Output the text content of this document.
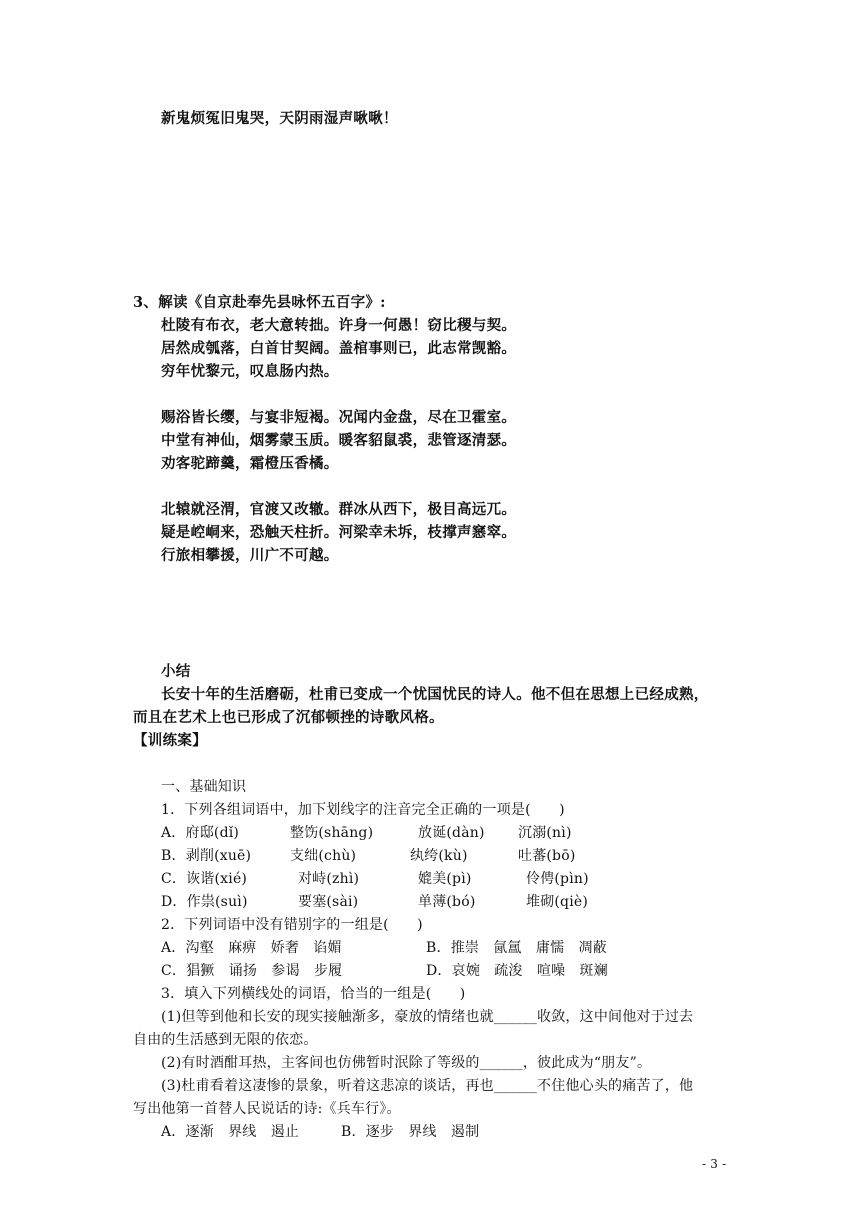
新鬼烦冤旧鬼哭，天阴雨湿声啾啾！
3、解读《自京赴奉先县咏怀五百字》:
杜陵有布衣，老大意转拙。许身一何愚！窃比稷与契。
居然成瓠落，白首甘契阔。盖棺事则已，此志常觊豁。
穷年忧黎元，叹息肠内热。
赐浴皆长缨，与宴非短褐。况闻内金盘，尽在卫霍室。
中堂有神仙，烟雾蒙玉质。暖客貂鼠裘，悲管逐清瑟。
劝客驼蹄羹，霜橙压香橘。
北辕就泾渭，官渡又改辙。群冰从西下，极目高远兀。
疑是崆峒来，恐触天柱折。河梁幸未坼，枝撑声窸窣。
行旅相攀援，川广不可越。
小结
长安十年的生活磨砺，杜甫已变成一个忧国忧民的诗人。他不但在思想上已经成熟，
而且在艺术上也已形成了沉郁顿挫的诗歌风格。
【训练案】
一、基础知识
1．下列各组词语中，加下划线字的注音完全正确的一项是(　　)
A．府邸(dǐ)	整饬(shāng)	放诞(dàn) 沉溺(nì)
B．剥削(xuē)	支绌(chù)	纨绔(kù)	吐蕃(bō)
C．诙谐(xié)	对峙(zhì)	媲美(pì)	伶俜(pìn)
D．作祟(suì)	要塞(sài)	单薄(bó)	堆砌(qiè)
2．下列词语中没有错别字的一组是(　　)
A．沟壑　麻痹　娇奢　谄媚	B．推崇　氤氲　庸懦　凋蔽
C．猖獗　诵扬　参谒　步履	D．哀婉　疏浚　喧噪　斑斓
3．填入下列横线处的词语，恰当的一组是(　　)
(1)但等到他和长安的现实接触渐多，豪放的情绪也就______收敛，这中间他对于过去
自由的生活感到无限的依恋。
(2)有时酒酣耳热，主客间也仿佛暂时泯除了等级的______，彼此成为“朋友”。
(3)杜甫看着这凄惨的景象，听着这悲凉的谈话，再也______不住他心头的痛苦了，他
写出他第一首替人民说话的诗:《兵车行》。
A．逐渐　界线　遏止	B．逐步　界线　遏制
- 3 -
